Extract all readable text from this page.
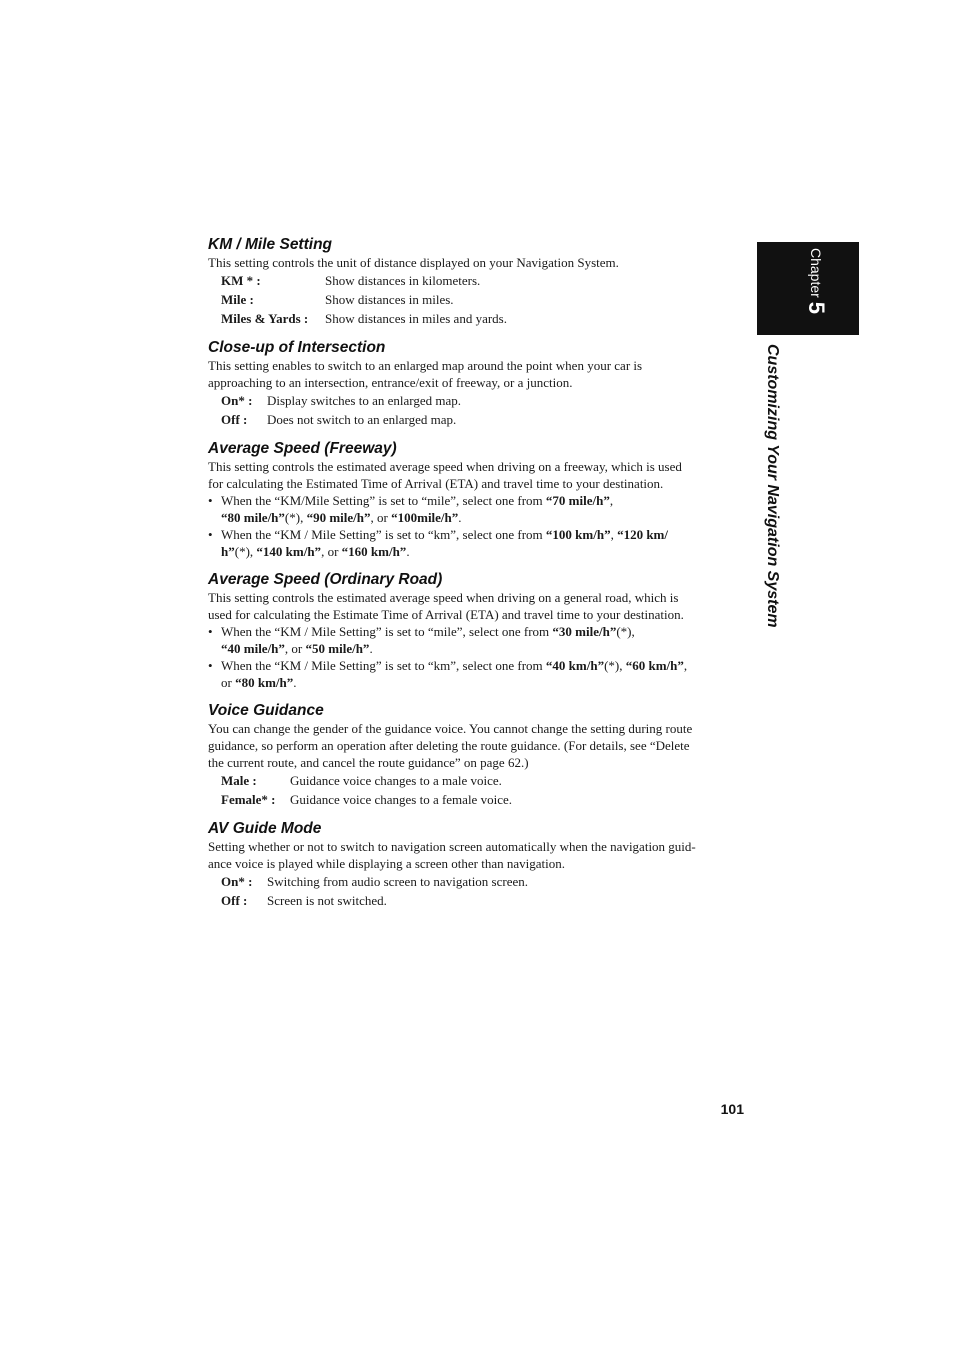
Chapter 5
Customizing Your Navigation System
KM / Mile Setting

This setting controls the unit of distance displayed on your Navigation System.

KM * :	Show distances in kilometers.
Mile :	Show distances in miles.
Miles & Yards :	Show distances in miles and yards.
Close-up of Intersection

This setting enables to switch to an enlarged map around the point when your car is

approaching to an intersection, entrance/exit of freeway, or a junction.

On* :	Display switches to an enlarged map.
Off :	Does not switch to an enlarged map.
Average Speed (Freeway)

This setting controls the estimated average speed when driving on a freeway, which is used

for calculating the Estimated Time of Arrival (ETA) and travel time to your destination.

• When the “KM/Mile Setting” is set to “mile”, select one from “70 mile/h”,
“80 mile/h”(*), “90 mile/h”, or “100mile/h”.
• When the “KM / Mile Setting” is set to “km”, select one from “100 km/h”, “120 km/
h”(*), “140 km/h”, or “160 km/h”.
Average Speed (Ordinary Road)

This setting controls the estimated average speed when driving on a general road, which is

used for calculating the Estimate Time of Arrival (ETA) and travel time to your destination.

• When the “KM / Mile Setting” is set to “mile”, select one from “30 mile/h”(*),
“40 mile/h”, or “50 mile/h”.
• When the “KM / Mile Setting” is set to “km”, select one from “40 km/h”(*), “60 km/h”,
or “80 km/h”.
Voice Guidance

You can change the gender of the guidance voice. You cannot change the setting during route

guidance, so perform an operation after deleting the route guidance. (For details, see “Delete

the current route, and cancel the route guidance” on page 62.)

Male :	Guidance voice changes to a male voice.
Female* :	Guidance voice changes to a female voice.
AV Guide Mode

Setting whether or not to switch to navigation screen automatically when the navigation guid-

ance voice is played while displaying a screen other than navigation.

On* :	Switching from audio screen to navigation screen.
Off :	Screen is not switched.
101
